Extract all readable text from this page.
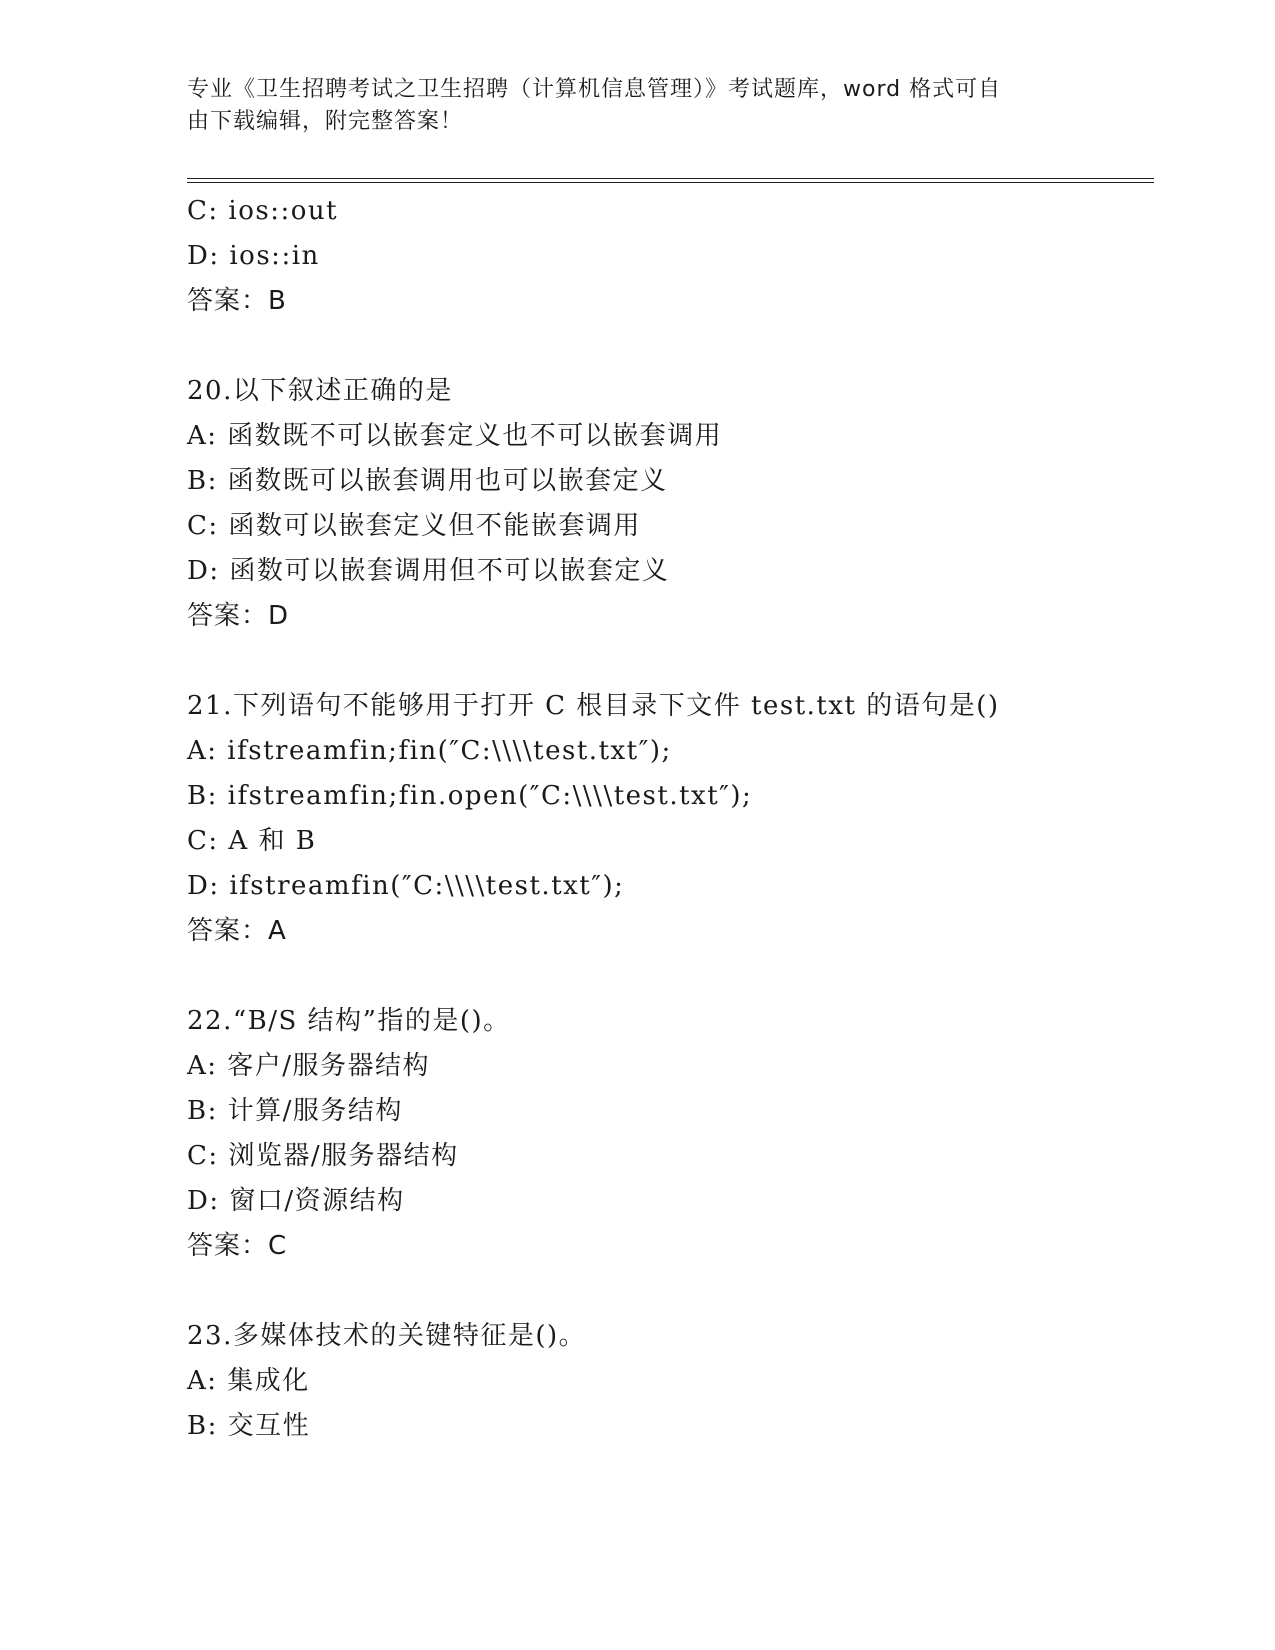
专业《卫生招聘考试之卫生招聘（计算机信息管理）》考试题库，word 格式可自
由下载编辑，附完整答案！
C: ios::out
D: ios::in
答案：B
20.以下叙述正确的是
A: 函数既不可以嵌套定义也不可以嵌套调用
B: 函数既可以嵌套调用也可以嵌套定义
C: 函数可以嵌套定义但不能嵌套调用
D: 函数可以嵌套调用但不可以嵌套定义
答案：D
21.下列语句不能够用于打开 C 根目录下文件 test.txt 的语句是()
A: ifstreamfin;fin(″C:\\\\test.txt″);
B: ifstreamfin;fin.open(″C:\\\\test.txt″);
C: A 和 B
D: ifstreamfin(″C:\\\\test.txt″);
答案：A
22.“B/S 结构”指的是()。
A: 客户/服务器结构
B: 计算/服务结构
C: 浏览器/服务器结构
D: 窗口/资源结构
答案：C
23.多媒体技术的关键特征是()。
A: 集成化
B: 交互性
